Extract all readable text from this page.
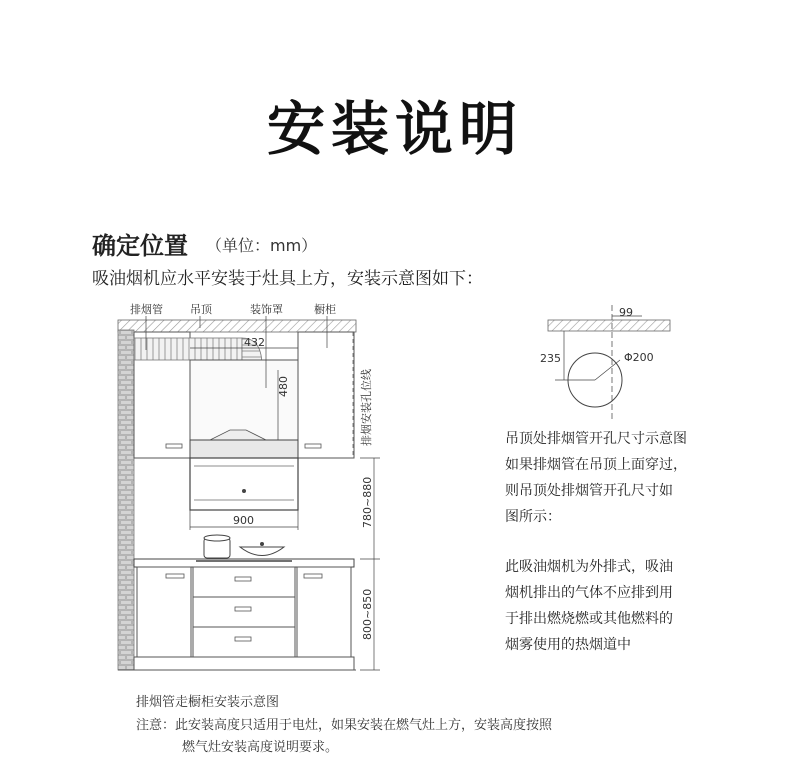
安装说明
确定位置 （单位：mm）
吸油烟机应水平安装于灶具上方，安装示意图如下：
排烟管 吊顶	装饰罩	橱柜
432
480
900
排烟安装孔位线
780~880
800~850
排烟管走橱柜安装示意图
99
235	Φ200
吊顶处排烟管开孔尺寸示意图
如果排烟管在吊顶上面穿过，
则吊顶处排烟管开孔尺寸如
图所示：
此吸油烟机为外排式，吸油
烟机排出的气体不应排到用
于排出燃烧燃或其他燃料的
烟雾使用的热烟道中
注意：此安装高度只适用于电灶，如果安装在燃气灶上方，安装高度按照
燃气灶安装高度说明要求。
